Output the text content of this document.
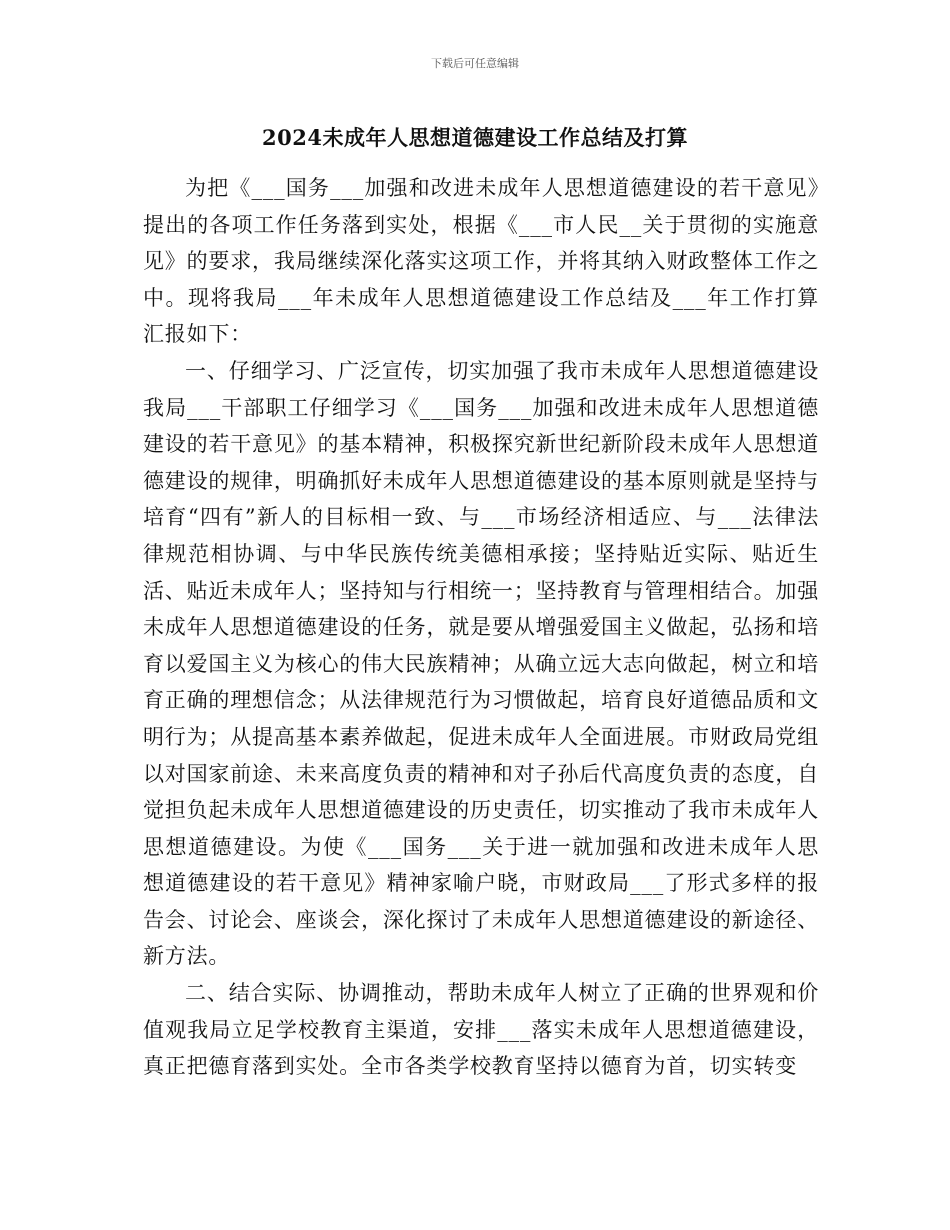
下载后可任意编辑
2024未成年人思想道德建设工作总结及打算

为把《___国务___加强和改进未成年人思想道德建设的若干意见》提出的各项工作任务落到实处，根据《___市人民__关于贯彻的实施意见》的要求，我局继续深化落实这项工作，并将其纳入财政整体工作之中。现将我局___年未成年人思想道德建设工作总结及___年工作打算汇报如下：

一、仔细学习、广泛宣传，切实加强了我市未成年人思想道德建设我局___干部职工仔细学习《___国务___加强和改进未成年人思想道德建设的若干意见》的基本精神，积极探究新世纪新阶段未成年人思想道德建设的规律，明确抓好未成年人思想道德建设的基本原则就是坚持与培育“四有”新人的目标相一致、与___市场经济相适应、与___法律法律规范相协调、与中华民族传统美德相承接；坚持贴近实际、贴近生活、贴近未成年人；坚持知与行相统一；坚持教育与管理相结合。加强未成年人思想道德建设的任务，就是要从增强爱国主义做起，弘扬和培育以爱国主义为核心的伟大民族精神；从确立远大志向做起，树立和培育正确的理想信念；从法律规范行为习惯做起，培育良好道德品质和文明行为；从提高基本素养做起，促进未成年人全面进展。市财政局党组以对国家前途、未来高度负责的精神和对子孙后代高度负责的态度，自觉担负起未成年人思想道德建设的历史责任，切实推动了我市未成年人思想道德建设。为使《___国务___关于进一就加强和改进未成年人思想道德建设的若干意见》精神家喻户晓，市财政局___了形式多样的报告会、讨论会、座谈会，深化探讨了未成年人思想道德建设的新途径、新方法。

二、结合实际、协调推动，帮助未成年人树立了正确的世界观和价值观我局立足学校教育主渠道，安排___落实未成年人思想道德建设，真正把德育落到实处。全市各类学校教育坚持以德育为首，切实转变
